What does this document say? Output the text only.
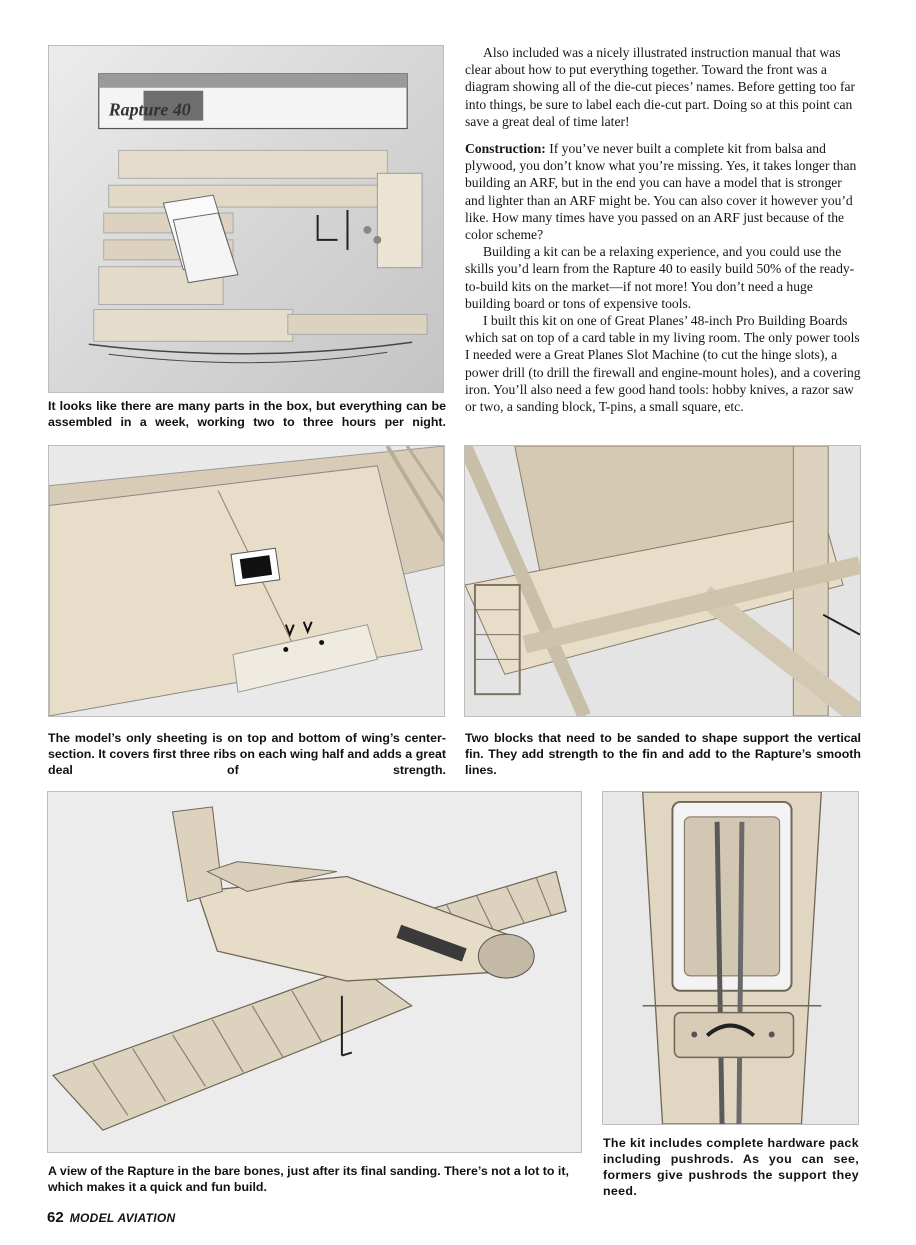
Rapture 40

It looks like there are many parts in the box, but everything can be assembled in a week, working two to three hours per night.

Also included was a nicely illustrated instruction manual that was clear about how to put everything together. Toward the front was a diagram showing all of the die-cut pieces’ names. Before getting too far into things, be sure to label each die-cut part. Doing so at this point can save a great deal of time later!

Construction: If you’ve never built a complete kit from balsa and plywood, you don’t know what you’re missing. Yes, it takes longer than building an ARF, but in the end you can have a model that is stronger and lighter than an ARF might be. You can also cover it however you’d like. How many times have you passed on an ARF just because of the color scheme?

Building a kit can be a relaxing experience, and you could use the skills you’d learn from the Rapture 40 to easily build 50% of the ready-to-build kits on the market—if not more! You don’t need a huge building board or tons of expensive tools.

I built this kit on one of Great Planes’ 48-inch Pro Building Boards which sat on top of a card table in my living room. The only power tools I needed were a Great Planes Slot Machine (to cut the hinge slots), a power drill (to drill the firewall and engine-mount holes), and a covering iron. You’ll also need a few good hand tools: hobby knives, a razor saw or two, a sanding block, T-pins, a small square, etc.

The model’s only sheeting is on top and bottom of wing’s center-section. It covers first three ribs on each wing half and adds a great deal of strength.

Two blocks that need to be sanded to shape support the vertical fin. They add strength to the fin and add to the Rapture’s smooth lines.

A view of the Rapture in the bare bones, just after its final sanding. There’s not a lot to it, which makes it a quick and fun build.

The kit includes complete hardware pack including pushrods. As you can see, formers give pushrods the support they need.

62 MODEL AVIATION
